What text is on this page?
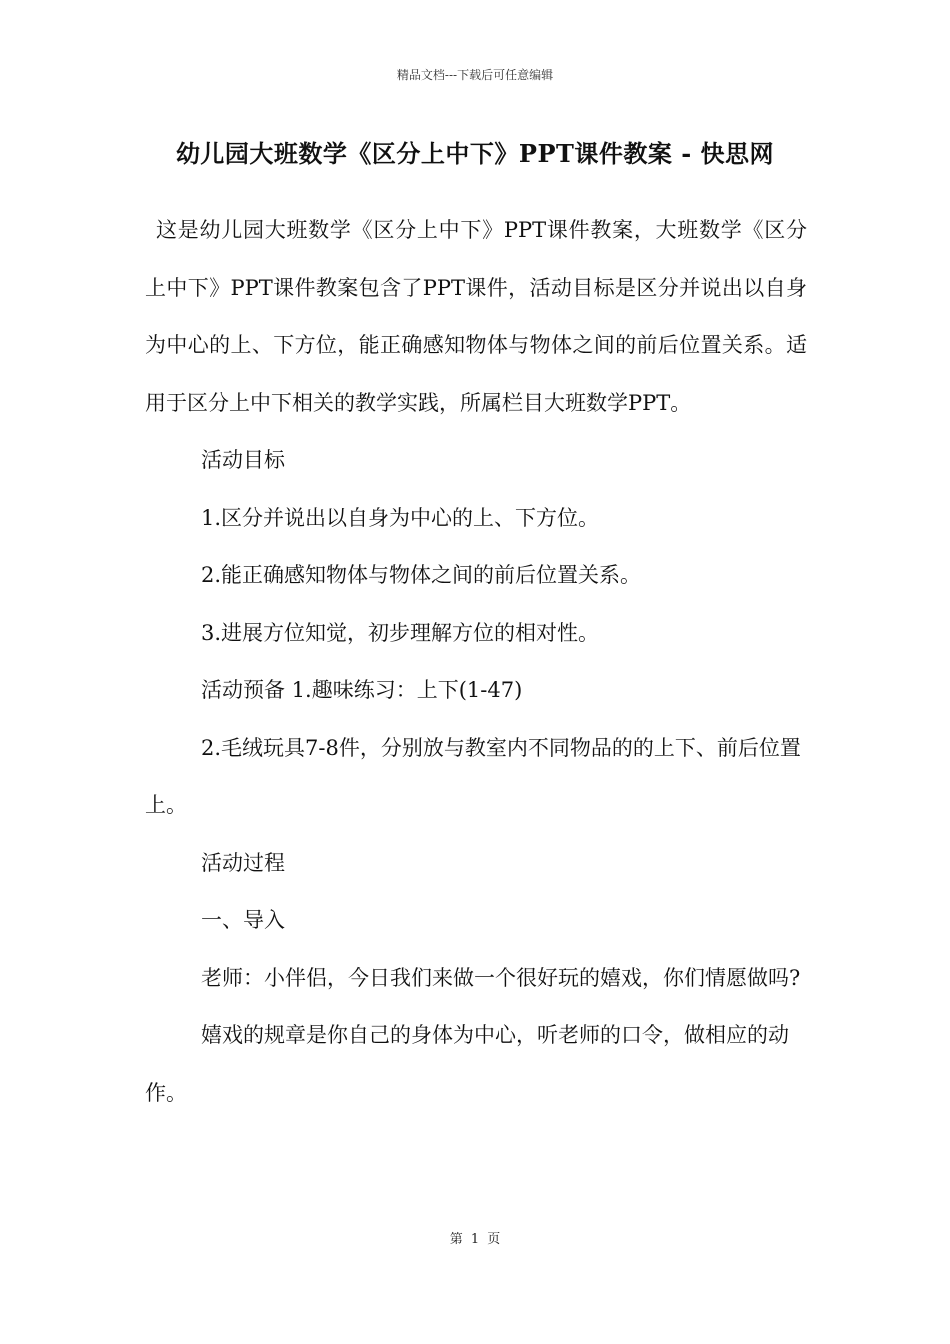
精品文档---下载后可任意编辑
幼儿园大班数学《区分上中下》PPT课件教案 - 快思网

这是幼儿园大班数学《区分上中下》PPT课件教案，大班数学《区分上中下》PPT课件教案包含了PPT课件，活动目标是区分并说出以自身为中心的上、下方位，能正确感知物体与物体之间的前后位置关系。适用于区分上中下相关的教学实践，所属栏目大班数学PPT。

活动目标

1.区分并说出以自身为中心的上、下方位。

2.能正确感知物体与物体之间的前后位置关系。

3.进展方位知觉，初步理解方位的相对性。

活动预备 1.趣味练习：上下(1-47)

2.毛绒玩具7-8件，分别放与教室内不同物品的的上下、前后位置上。

活动过程

一、导入

老师：小伴侣，今日我们来做一个很好玩的嬉戏，你们情愿做吗?

嬉戏的规章是你自己的身体为中心，听老师的口令，做相应的动作。

第 1 页
